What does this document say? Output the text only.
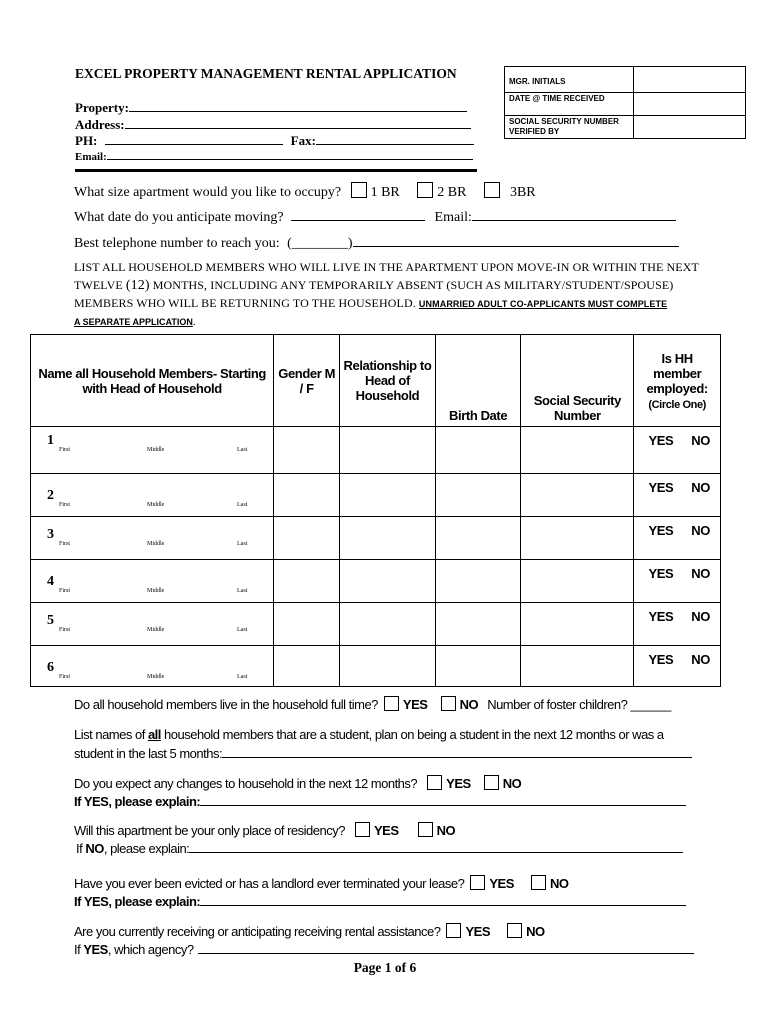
EXCEL PROPERTY MANAGEMENT RENTAL APPLICATION
Property:
Address:
PH:	Fax:
Email:
MGR. INITIALS	
DATE @ TIME RECEIVED	
SOCIAL SECURITY NUMBER VERIFIED BY	
What size apartment would you like to occupy? 1 BR	2 BR	3BR
What date do you anticipate moving?	Email:
Best telephone number to reach you: (________)
LIST ALL HOUSEHOLD MEMBERS WHO WILL LIVE IN THE APARTMENT UPON MOVE-IN OR WITHIN THE NEXT
TWELVE (12) MONTHS, INCLUDING ANY TEMPORARILY ABSENT (SUCH AS MILITARY/STUDENT/SPOUSE)
MEMBERS WHO WILL BE RETURNING TO THE HOUSEHOLD. UNMARRIED ADULT CO-APPLICANTS MUST COMPLETE
A SEPARATE APPLICATION.
Name all Household Members- Starting with Head of Household	Gender M / F	Relationship to Head of Household	Birth Date	Social Security Number	Is HH member employed:
(Circle One)

1
First Middle Last					YES NO

2
First Middle Last					YES NO

3
First Middle Last					YES NO

4
First Middle Last					YES NO

5
First Middle Last					YES NO

6
First Middle Last					YES NO
Do all household members live in the household full time? YES NO Number of foster children? ______
List names of all household members that are a student, plan on being a student in the next 12 months or was a
student in the last 5 months:
Do you expect any changes to household in the next 12 months? YES NO
If YES, please explain:
Will this apartment be your only place of residency? YES	NO
If NO, please explain:
Have you ever been evicted or has a landlord ever terminated your lease? YES	NO
If YES, please explain:
Are you currently receiving or anticipating receiving rental assistance? YES	NO
If YES, which agency?
Page 1 of 6
